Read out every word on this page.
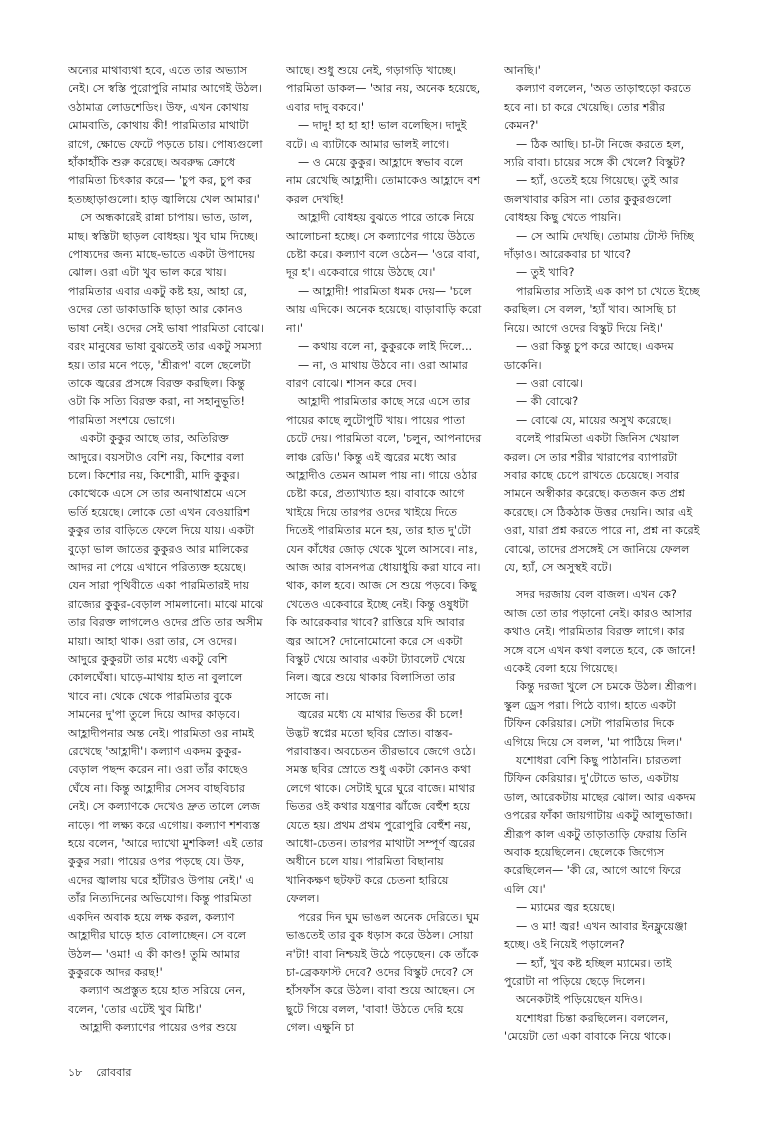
অন্যের মাথাব্যথা হবে, এতে তার অভ্যাস নেই। সে স্বস্তি পুরোপুরি নামার আগেই উঠল। ওঠামাত্র লোডশেডিং। উফ, এখন কোথায় মোমবাতি, কোথায় কী! পারমিতার মাথাটা রাগে, ক্ষোভে ফেটে পড়তে চায়। পোষ্যগুলো হাঁকাহাঁকি শুরু করেছে। অবরুদ্ধ ক্রোধে পারমিতা চিৎকার করে— 'চুপ কর, চুপ কর হতচ্ছাড়াগুলো। হাড় জ্বালিয়ে খেল আমার।'

সে অন্ধকারেই রান্না চাপায়। ভাত, ডাল, মাছ। স্বস্তিটা ছাড়ল বোধহয়। খুব ঘাম দিচ্ছে। পোষ্যদের জন্য মাছে-ভাতে একটা উপাদেয় ঝোল। ওরা এটা খুব ভাল করে খায়। পারমিতার এবার একটু কষ্ট হয়, আহা রে, ওদের তো ডাকাডাকি ছাড়া আর কোনও ভাষা নেই। ওদের সেই ভাষা পারমিতা বোঝে। বরং মানুষের ভাষা বুঝতেই তার একটু সমস্যা হয়। তার মনে পড়ে, 'শ্রীরূপ' বলে ছেলেটা তাকে জ্বরের প্রসঙ্গে বিরক্ত করছিল। কিন্তু ওটা কি সত্যি বিরক্ত করা, না সহানুভূতি! পারমিতা সংশয়ে ভোগে।

একটা কুকুর আছে তার, অতিরিক্ত আদুরে। বয়সটাও বেশি নয়, কিশোর বলা চলে। কিশোর নয়, কিশোরী, মাদি কুকুর। কোত্থেকে এসে সে তার অনাথাশ্রমে এসে ভর্তি হয়েছে। লোকে তো এখন বেওয়ারিশ কুকুর তার বাড়িতে ফেলে দিয়ে যায়। একটা বুড়ো ভাল জাতের কুকুরও আর মালিকের আদর না পেয়ে এখানে পরিত্যক্ত হয়েছে। যেন সারা পৃথিবীতে একা পারমিতারই দায় রাজ্যের কুকুর-বেড়াল সামলানো। মাঝে মাঝে তার বিরক্ত লাগলেও ওদের প্রতি তার অসীম মায়া। আহা থাক। ওরা তার, সে ওদের। আদুরে কুকুরটা তার মধ্যে একটু বেশি কোলঘেঁষা। ঘাড়ে-মাথায় হাত না বুলালে খাবে না। থেকে থেকে পারমিতার বুকে সামনের দু'পা তুলে দিয়ে আদর কাড়বে। আহ্লাদীপনার অন্ত নেই। পারমিতা ওর নামই রেখেছে 'আহ্লাদী'। কল্যাণ একদম কুকুর-বেড়াল পছন্দ করেন না। ওরা তাঁর কাছেও ঘেঁষে না। কিন্তু আহ্লাদীর সেসব বাছবিচার নেই। সে কল্যাণকে দেখেও দ্রুত তালে লেজ নাড়ে। পা লক্ষ্য করে এগোয়। কল্যাণ শশব্যস্ত হয়ে বলেন, 'আরে দ্যাখো মুশকিল! এই তোর কুকুর সরা। পায়ের ওপর পড়ছে যে। উফ, এদের জ্বালায় ঘরে হাঁটারও উপায় নেই।' এ তাঁর নিত্যদিনের অভিযোগ। কিন্তু পারমিতা একদিন অবাক হয়ে লক্ষ করল, কল্যাণ আহ্লাদীর ঘাড়ে হাত বোলাচ্ছেন। সে বলে উঠল— 'ওমা! এ কী কাণ্ড! তুমি আমার কুকুরকে আদর করছ!'

কল্যাণ অপ্রস্তুত হয়ে হাত সরিয়ে নেন, বলেন, 'তোর এটেই খুব মিষ্টি।'

আহ্লাদী কল্যাণের পায়ের ওপর শুয়ে

আছে। শুধু শুয়ে নেই, গড়াগড়ি খাচ্ছে। পারমিতা ডাকল— 'আর নয়, অনেক হয়েছে, এবার দাদু বকবে।'

— দাদু! হা হা হা! ভাল বলেছিস। দাদুই বটে। এ ব্যাটাকে আমার ভালই লাগে।

— ও মেয়ে কুকুর। আহ্লাদে স্বভাব বলে নাম রেখেছি আহ্লাদী। তোমাকেও আহ্লাদে বশ করল দেখছি!

আহ্লাদী বোধহয় বুঝতে পারে তাকে নিয়ে আলোচনা হচ্ছে। সে কল্যাণের গায়ে উঠতে চেষ্টা করে। কল্যাণ বলে ওঠেন— 'ওরে বাবা, দূর হ'। একেবারে গায়ে উঠছে যে।'

— আহ্লাদী! পারমিতা ধমক দেয়— 'চলে আয় এদিকে। অনেক হয়েছে। বাড়াবাড়ি করো না।'

— কথায় বলে না, কুকুরকে লাই দিলে...

— না, ও মাথায় উঠবে না। ওরা আমার বারণ বোঝে। শাসন করে দেব।

আহ্লাদী পারমিতার কাছে সরে এসে তার পায়ের কাছে লুটোপুটি খায়। পায়ের পাতা চেটে দেয়। পারমিতা বলে, 'চলুন, আপনাদের লাঞ্চ রেডি।' কিন্তু এই জ্বরের মধ্যে আর আহ্লাদীও তেমন আমল পায় না। গায়ে ওঠার চেষ্টা করে, প্রত্যাখ্যাত হয়। বাবাকে আগে খাইয়ে দিয়ে তারপর ওদের খাইয়ে দিতে দিতেই পারমিতার মনে হয়, তার হাত দু'টো যেন কাঁধের জোড় থেকে খুলে আসবে। নাঃ, আজ আর বাসনপত্র ধোয়াধুয়ি করা যাবে না। থাক, কাল হবে। আজ সে শুয়ে পড়বে। কিছু খেতেও একেবারে ইচ্ছে নেই। কিন্তু ওষুধটা কি আরেকবার খাবে? রাত্তিরে যদি আবার জ্বর আসে? দোনোমোনো করে সে একটা বিস্কুট খেয়ে আবার একটা ট্যাবলেট খেয়ে নিল। জ্বরে শুয়ে থাকার বিলাসিতা তার সাজে না।

জ্বরের মধ্যে যে মাথার ভিতর কী চলে! উদ্ভট স্বপ্নের মতো ছবির স্রোত। বাস্তব-পরাবাস্তব। অবচেতন তীরভাবে জেগে ওঠে। সমস্ত ছবির স্রোতে শুধু একটা কোনও কথা লেগে থাকে। সেটাই ঘুরে ঘুরে বাজে। মাথার ভিতর ওই কথার যন্ত্রণার ঝাঁজে বেহুঁশ হয়ে যেতে হয়। প্রথম প্রথম পুরোপুরি বেহুঁশ নয়, আধো-চেতন। তারপর মাথাটা সম্পূর্ণ জ্বরের অধীনে চলে যায়। পারমিতা বিছানায় খানিকক্ষণ ছটফট করে চেতনা হারিয়ে ফেলল।

পরের দিন ঘুম ভাঙল অনেক দেরিতে। ঘুম ভাঙতেই তার বুক ধড়াস করে উঠল। সোয়া ন'টা! বাবা নিশ্চয়ই উঠে পড়েছেন। কে তাঁকে চা-ব্রেকফাস্ট দেবে? ওদের বিস্কুট দেবে? সে হাঁসফাঁস করে উঠল। বাবা শুয়ে আছেন। সে ছুটে গিয়ে বলল, 'বাবা! উঠতে দেরি হয়ে গেল। এক্ষুনি চা

আনছি।'

কল্যাণ বললেন, 'অত তাড়াহুড়ো করতে হবে না। চা করে খেয়েছি। তোর শরীর কেমন?'

— ঠিক আছি। চা-টা নিজে করতে হল, স্যরি বাবা। চায়ের সঙ্গে কী খেলে? বিস্কুট?

— হ্যাঁ, ওতেই হয়ে গিয়েছে। তুই আর জলখাবার করিস না। তোর কুকুরগুলো বোধহয় কিছু খেতে পায়নি।

— সে আমি দেখছি। তোমায় টোস্ট দিচ্ছি দাঁড়াও। আরেকবার চা খাবে?

— তুই খাবি?

পারমিতার সত্যিই এক কাপ চা খেতে ইচ্ছে করছিল। সে বলল, 'হ্যাঁ খাব। আসছি চা নিয়ে। আগে ওদের বিস্কুট দিয়ে নিই।'

— ওরা কিন্তু চুপ করে আছে। একদম ডাকেনি।

— ওরা বোঝে।

— কী বোঝে?

— বোঝে যে, মায়ের অসুখ করেছে।

বলেই পারমিতা একটা জিনিস খেয়াল করল। সে তার শরীর খারাপের ব্যাপারটা সবার কাছে চেপে রাখতে চেয়েছে। সবার সামনে অস্বীকার করেছে। কতজন কত প্রশ্ন করেছে। সে ঠিকঠাক উত্তর দেয়নি। আর এই ওরা, যারা প্রশ্ন করতে পারে না, প্রশ্ন না করেই বোঝে, তাদের প্রসঙ্গেই সে জানিয়ে ফেলল যে, হ্যাঁ, সে অসুস্থই বটে।

সদর দরজায় বেল বাজল। এখন কে? আজ তো তার পড়ানো নেই। কারও আসার কথাও নেই। পারমিতার বিরক্ত লাগে। কার সঙ্গে বসে এখন কথা বলতে হবে, কে জানে! একেই বেলা হয়ে গিয়েছে।

কিন্তু দরজা খুলে সে চমকে উঠল। শ্রীরূপ। স্কুল ড্রেস পরা। পিঠে ব্যাগ। হাতে একটা টিফিন কেরিয়ার। সেটা পারমিতার দিকে এগিয়ে দিয়ে সে বলল, 'মা পাঠিয়ে দিল।'

যশোধরা বেশি কিছু পাঠাননি। চারতলা টিফিন কেরিয়ার। দু'টোতে ভাত, একটায় ডাল, আরেকটায় মাছের ঝোল। আর একদম ওপরের ফাঁকা জায়গাটায় একটু আলুভাজা। শ্রীরূপ কাল একটু তাড়াতাড়ি ফেরায় তিনি অবাক হয়েছিলেন। ছেলেকে জিগ্যেস করেছিলেন— 'কী রে, আগে আগে ফিরে এলি যে।'

— ম্যামের জ্বর হয়েছে।

— ও মা! জ্বর! এখন আবার ইনফ্লুয়েঞ্জা হচ্ছে। ওই নিয়েই পড়ালেন?

— হ্যাঁ, খুব কষ্ট হচ্ছিল ম্যামের। তাই পুরোটা না পড়িয়ে ছেড়ে দিলেন।

অনেকটাই পড়িয়েছেন যদিও।

যশোধরা চিন্তা করছিলেন। বললেন, 'মেয়েটা তো একা বাবাকে নিয়ে থাকে।

১৮ রোববার
